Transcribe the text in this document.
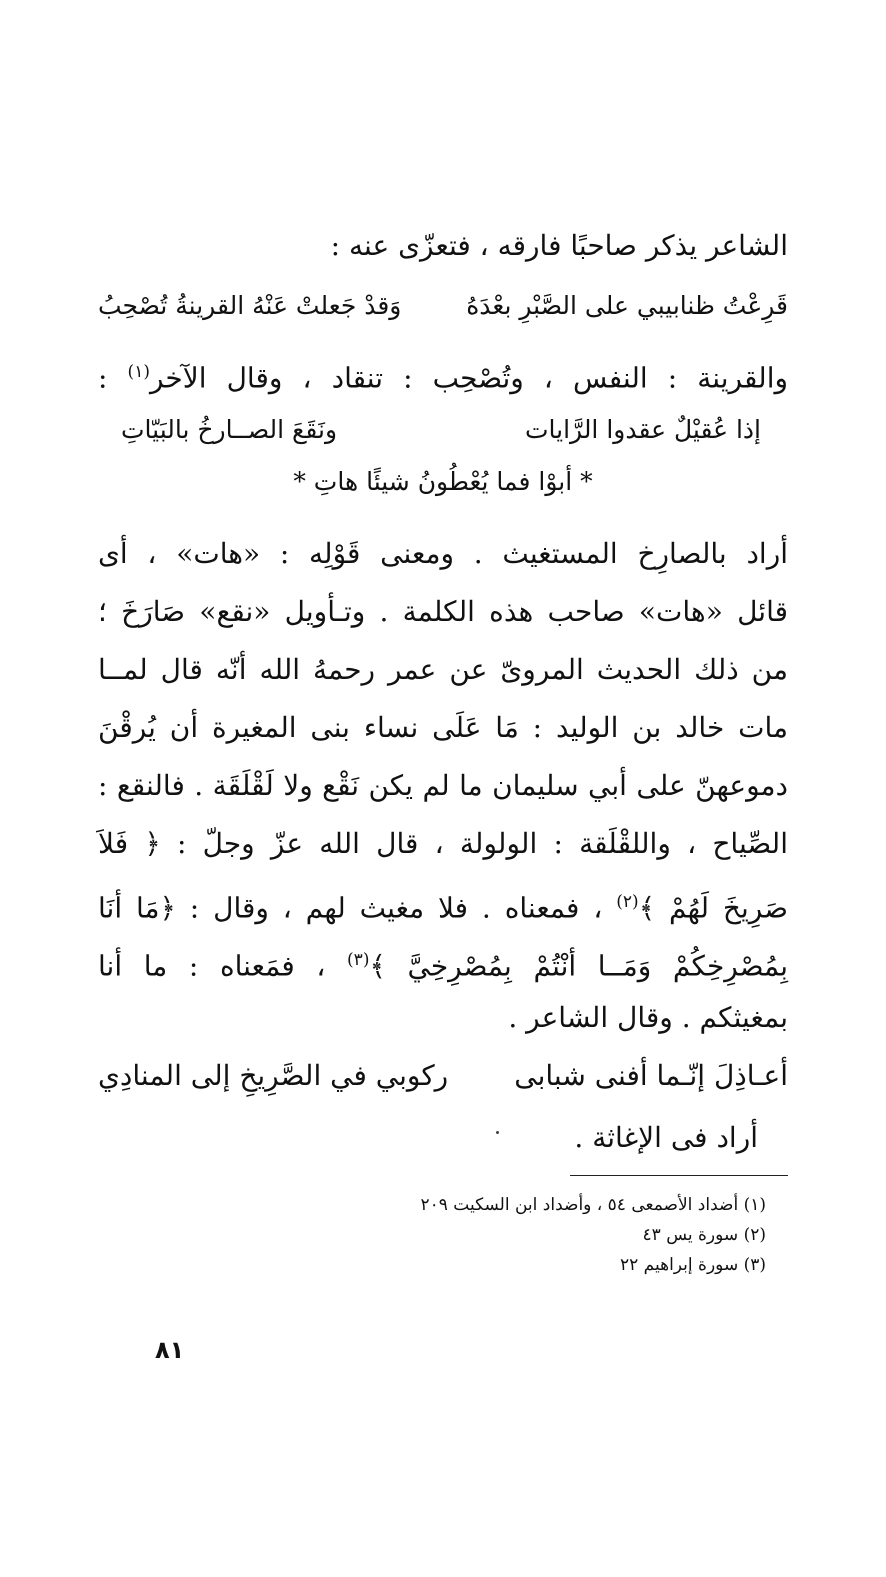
الشاعر يذكر صاحبًا فارقه ، فتعزّى عنه :
قَرِعْتُ ظنابيبي على الصَّبْرِ بعْدَهُ
وَقدْ جَعلتْ عَنْهُ القرينةُ تُصْحِبُ
والقرينة : النفس ، وتُصْحِب : تنقاد ، وقال الآخر$^{(١)}$ :
إذا عُقيْلٌ عقدوا الرَّايات
ونَقَعَ الصــارخُ بالبَيّاتِ
* أبوْا فما يُعْطُونُ شيئًا هاتِ *
أراد بالصارِخ المستغيث . ومعنى قَوْلِه : «هات» ، أى
قائل «هات» صاحب هذه الكلمة . وتـأويل «نقع» صَارَخَ ؛
من ذلك الحديث المروىّ عن عمر رحمهُ الله أنّه قال لمــا
مات خالد بن الوليد : مَا عَلَى نساء بنى المغيرة أن يُرقْنَ
دموعهنّ على أبي سليمان ما لم يكن نَقْع ولا لَقْلَقَة . فالنقع :
الصِّياح ، واللقْلَقة : الولولة ، قال الله عزّ وجلّ : ﴿ فَلاَ
صَرِيخَ لَهُمْ ﴾$^{(٢)}$ ، فمعناه . فلا مغيث لهم ، وقال : ﴿مَا أنَا
بِمُصْرِخِكُمْ وَمَــا أنْتُمْ بِمُصْرِخِيَّ ﴾$^{(٣)}$ ، فمَعناه : ما أنا
بمغيثكم . وقال الشاعر .
أعـاذِلَ إنّـما أفنى شبابى
ركوبي في الصَّرِيخِ إلى المنادِي
أراد فى الإغاثة .
(١) أضداد الأصمعى ٥٤ ، وأضداد ابن السكيت ٢٠٩
(٢) سورة يس ٤٣
(٣) سورة إبراهيم ٢٢
٨١
